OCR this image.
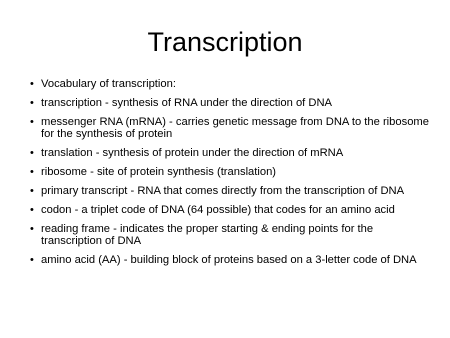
Transcription
• Vocabulary of transcription:
• transcription - synthesis of RNA under the direction of DNA
• messenger RNA (mRNA) - carries genetic message from DNA to the ribosome for the synthesis of protein
• translation - synthesis of protein under the direction of mRNA
• ribosome - site of protein synthesis (translation)
• primary transcript - RNA that comes directly from the transcription of DNA
• codon - a triplet code of DNA (64 possible) that codes for an amino acid
• reading frame - indicates the proper starting & ending points for the transcription of DNA
• amino acid (AA) - building block of proteins based on a 3-letter code of DNA
